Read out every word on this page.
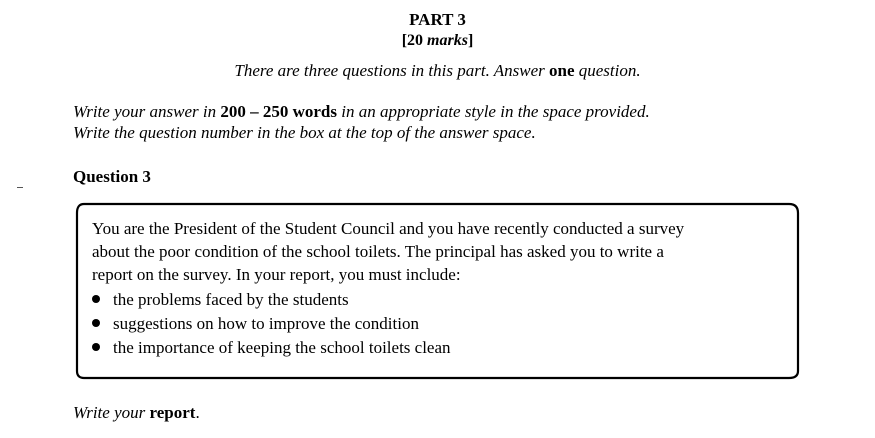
PART 3
[20 marks]
There are three questions in this part. Answer one question.
Write your answer in 200 – 250 words in an appropriate style in the space provided.
Write the question number in the box at the top of the answer space.
Question 3
You are the President of the Student Council and you have recently conducted a survey
about the poor condition of the school toilets. The principal has asked you to write a
report on the survey. In your report, you must include:
the problems faced by the students
suggestions on how to improve the condition
the importance of keeping the school toilets clean
Write your report.
